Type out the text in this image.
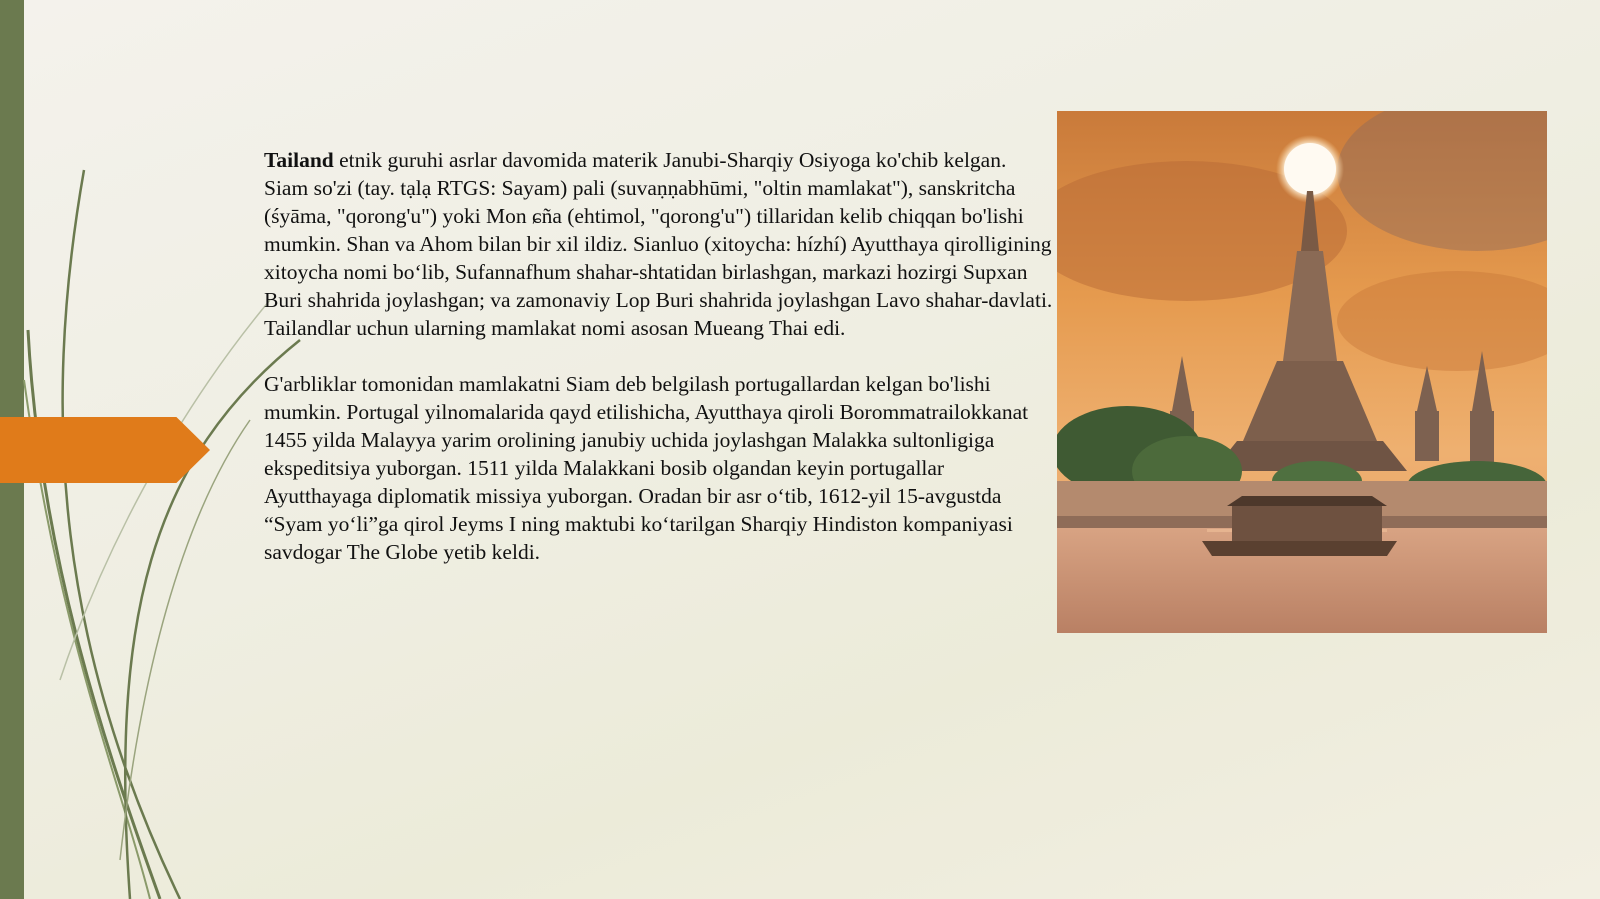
Tailand etnik guruhi asrlar davomida materik Janubi-Sharqiy Osiyoga ko'chib kelgan. Siam so'zi (tay. tạlạ RTGS: Sayam) pali (suvaṇṇabhūmi, "oltin mamlakat"), sanskritcha (śyāma, "qorong'u") yoki Mon ɕñа (ehtimol, "qorong'u") tillaridan kelib chiqqan bo'lishi mumkin. Shan va Ahom bilan bir xil ildiz. Sianluo (xitoycha: hízhí) Ayutthaya qirolligining xitoycha nomi bo‘lib, Sufannafhum shahar-shtatidan birlashgan, markazi hozirgi Supxan Buri shahrida joylashgan; va zamonaviy Lop Buri shahrida joylashgan Lavo shahar-davlati. Tailandlar uchun ularning mamlakat nomi asosan Mueang Thai edi.

G'arbliklar tomonidan mamlakatni Siam deb belgilash portugallardan kelgan bo'lishi mumkin. Portugal yilnomalarida qayd etilishicha, Ayutthaya qiroli Borommatrailokkanat 1455 yilda Malayya yarim orolining janubiy uchida joylashgan Malakka sultonligiga ekspeditsiya yuborgan. 1511 yilda Malakkani bosib olgandan keyin portugallar Ayutthayaga diplomatik missiya yuborgan. Oradan bir asr o‘tib, 1612-yil 15-avgustda “Syam yo‘li”ga qirol Jeyms I ning maktubi ko‘tarilgan Sharqiy Hindiston kompaniyasi savdogar The Globe yetib keldi.
